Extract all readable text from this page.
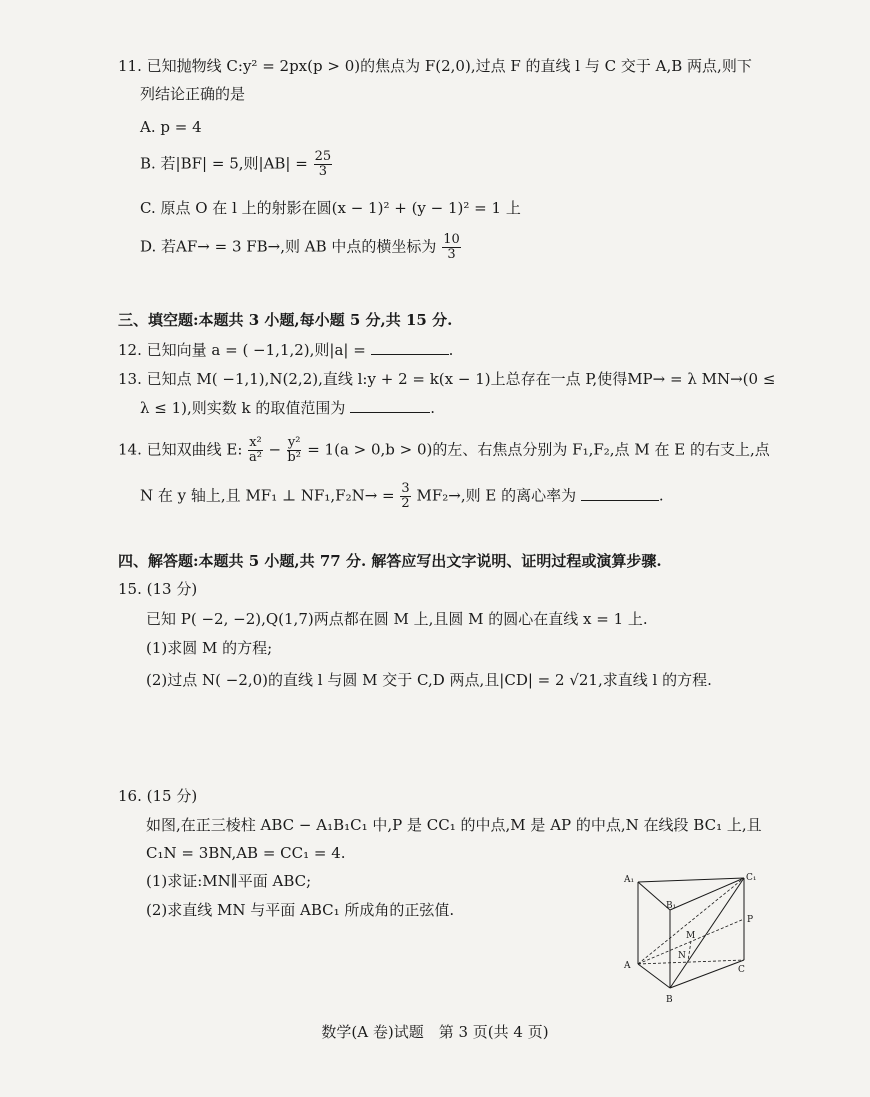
11. 已知抛物线 C:y² = 2px(p > 0)的焦点为 F(2,0),过点 F 的直线 l 与 C 交于 A,B 两点,则下
列结论正确的是
A. p = 4
B. 若|BF| = 5,则$|AB| = \frac{25}{3}$
C. 原点 O 在 l 上的射影在圆(x − 1)² + (y − 1)² = 1 上
D. 若AF→ = 3 FB→,则 AB 中点的横坐标为 $\frac{10}{3}$
三、填空题:本题共 3 小题,每小题 5 分,共 15 分.
12. 已知向量 a = ( −1,1,2),则|a| =	.
13. 已知点 M( −1,1),N(2,2),直线 l:y + 2 = k(x − 1)上总存在一点 P,使得MP→ = λ MN→(0 ≤
λ ≤ 1),则实数 k 的取值范围为	.
14. 已知双曲线 E: $\frac{\text{x²}}{\text{a²}} - \frac{\text{y²}}{\text{b²}} = 1(a > 0,b > 0)$的左、右焦点分别为 F₁,F₂,点 M 在 E 的右支上,点
N 在 y 轴上,且 MF₁ ⊥ $NF_1,F_2N\to = \frac{3}{2} MF_2\to$,则 E 的离心率为	.
四、解答题:本题共 5 小题,共 77 分. 解答应写出文字说明、证明过程或演算步骤.
15. (13 分)
已知 P( −2, −2),Q(1,7)两点都在圆 M 上,且圆 M 的圆心在直线 x = 1 上.
(1)求圆 M 的方程;
(2)过点 N( −2,0)的直线 l 与圆 M 交于 C,D 两点,且|CD| = 2 √21,求直线 l 的方程.
16. (15 分)
如图,在正三棱柱 ABC − A₁B₁C₁ 中,P 是 CC₁ 的中点,M 是 AP 的中点,N 在线段 BC₁ 上,且
C₁N = 3BN,AB = CC₁ = 4.
(1)求证:MN∥平面 ABC;
(2)求直线 MN 与平面 ABC₁ 所成角的正弦值.
A₁	C₁
B₁
P
M
N
A	C
B
数学(A 卷)试题　第 3 页(共 4 页)
